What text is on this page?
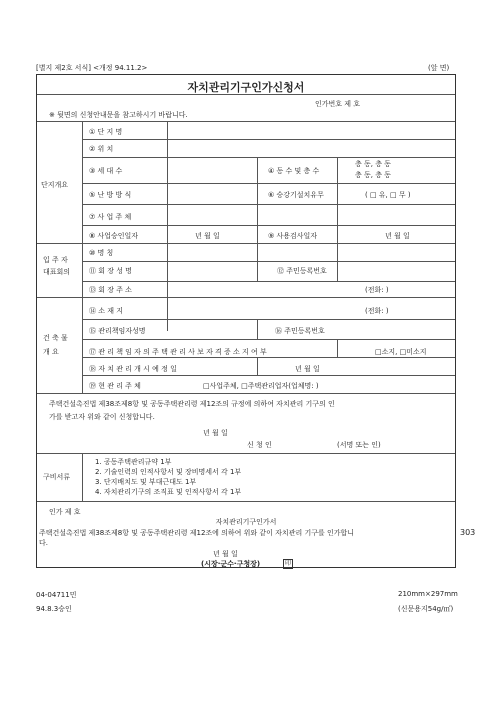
[별지 제2호 서식] <개정 94.11.2>	(앞 면)
자치관리기구인가신청서
인가번호 제 호
※ 뒷면의 신청안내문을 참고하시기 바랍니다.
단지개요
① 단 지 명
② 위 치
③ 세 대 수	④ 동 수 및 층 수
층 동, 층 동
층 동, 층 동
⑤ 난 방 방 식	⑥ 승강기설치유무	( □ 유, □ 무 )
⑦ 사 업 주 체
⑧ 사업승인일자	년 월 일	⑨ 사용검사일자	년 월 일
입 주 자
대표회의
⑩ 명 칭
⑪ 회 장 성 명	⑫ 주민등록번호
⑬ 회 장 주 소	(전화: )
건 축 물
개 요
⑭ 소 재 지	(전화: )
⑮ 관리책임자성명	⑯ 주민등록번호
⑰ 관 리 책 임 자 의 주 택 관 리 사 보 자 격 증 소 지 여 부	□소지, □미소지
⑱ 자 치 관 리 개 시 예 정 일	년 월 일
⑲ 현 관 리 주 체	□사업주체, □주택관리업자(업체명: )
주택건설촉진법 제38조제8항 및 공동주택관리령 제12조의 규정에 의하여 자치관리 기구의 인
가를 받고자 위와 같이 신청합니다.
년 월 일
신 청 인	(서명 또는 인)
구비서류
1. 공동주택관리규약 1부
2. 기술인력의 인적사항서 및 장비명세서 각 1부
3. 단지배치도 및 부대근대도 1부
4. 자치관리기구의 조직표 및 인적사항서 각 1부
인가 제 호
자치관리기구인가서
주택건설촉진법 제38조제8항 및 공동주택관리령 제12조에 의하여 위와 같이 자치관리 기구를 인가합니
다.
년 월 일
(시장·군수·구청장)	印
303
04-04711민
94.8.3승인
210mm×297mm
(신문용지54g/㎡)
